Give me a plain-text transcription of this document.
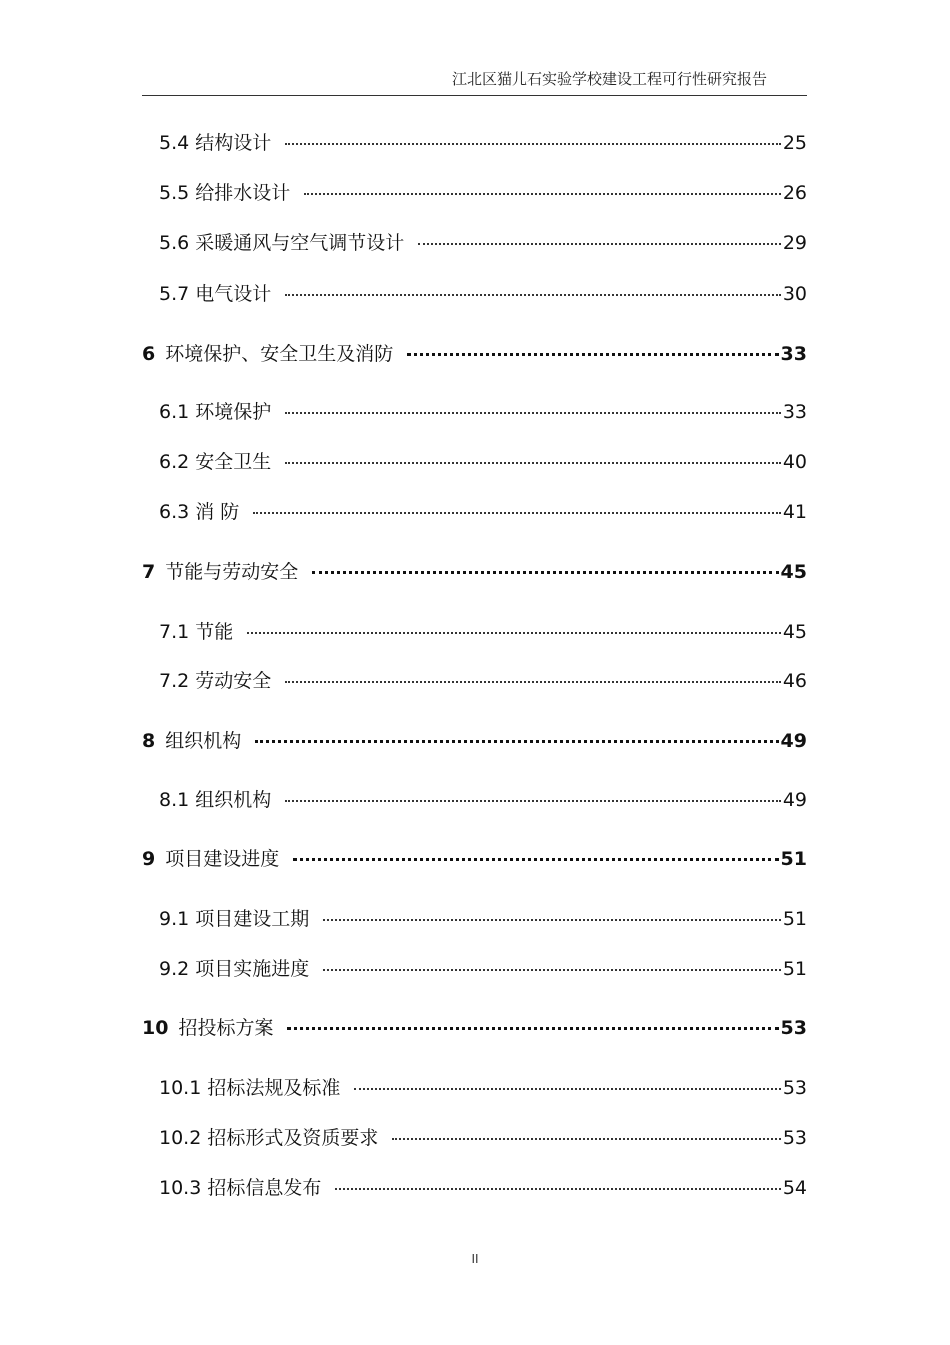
江北区猫儿石实验学校建设工程可行性研究报告
5.4 结构设计	25
5.5 给排水设计	26
5.6 采暖通风与空气调节设计	29
5.7 电气设计	30
6 环境保护、安全卫生及消防	33
6.1 环境保护	33
6.2 安全卫生	40
6.3 消 防	41
7 节能与劳动安全	45
7.1 节能	45
7.2 劳动安全	46
8 组织机构	49
8.1 组织机构	49
9 项目建设进度	51
9.1 项目建设工期	51
9.2 项目实施进度	51
10 招投标方案	53
10.1 招标法规及标准	53
10.2 招标形式及资质要求	53
10.3 招标信息发布	54
II
